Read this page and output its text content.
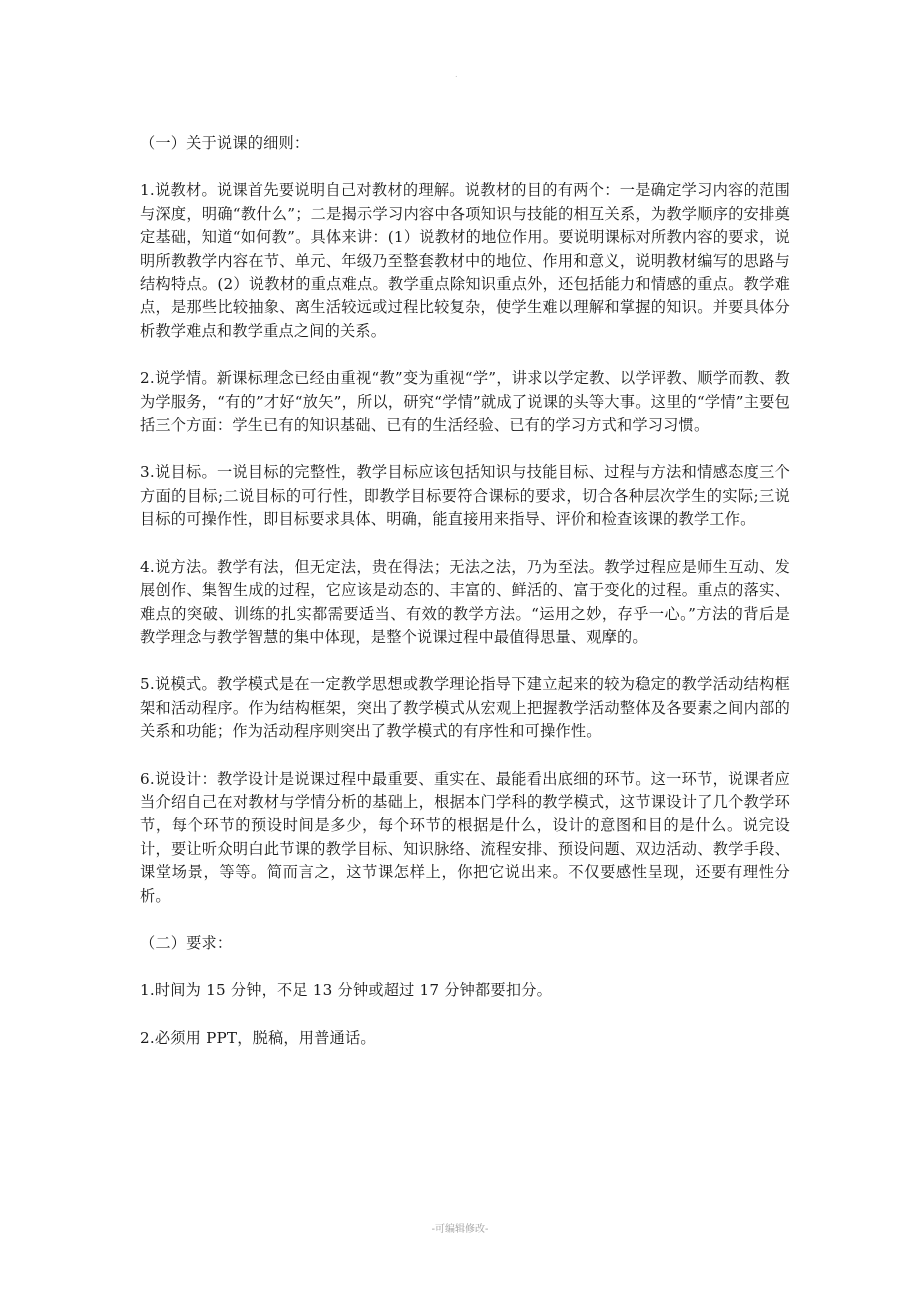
.

（一）关于说课的细则：

1.说教材。说课首先要说明自己对教材的理解。说教材的目的有两个：一是确定学习内容的范围与深度，明确“教什么”；二是揭示学习内容中各项知识与技能的相互关系，为教学顺序的安排奠定基础，知道“如何教”。具体来讲：(1）说教材的地位作用。要说明课标对所教内容的要求，说明所教教学内容在节、单元、年级乃至整套教材中的地位、作用和意义，说明教材编写的思路与结构特点。(2）说教材的重点难点。教学重点除知识重点外，还包括能力和情感的重点。教学难点，是那些比较抽象、离生活较远或过程比较复杂，使学生难以理解和掌握的知识。并要具体分析教学难点和教学重点之间的关系。

2.说学情。新课标理念已经由重视“教”变为重视“学”，讲求以学定教、以学评教、顺学而教、教为学服务，“有的”才好“放矢”，所以，研究“学情”就成了说课的头等大事。这里的“学情”主要包括三个方面：学生已有的知识基础、已有的生活经验、已有的学习方式和学习习惯。

3.说目标。一说目标的完整性，教学目标应该包括知识与技能目标、过程与方法和情感态度三个方面的目标;二说目标的可行性，即教学目标要符合课标的要求，切合各种层次学生的实际;三说目标的可操作性，即目标要求具体、明确，能直接用来指导、评价和检查该课的教学工作。

4.说方法。教学有法，但无定法，贵在得法；无法之法，乃为至法。教学过程应是师生互动、发展创作、集智生成的过程，它应该是动态的、丰富的、鲜活的、富于变化的过程。重点的落实、难点的突破、训练的扎实都需要适当、有效的教学方法。“运用之妙，存乎一心。”方法的背后是教学理念与教学智慧的集中体现，是整个说课过程中最值得思量、观摩的。

5.说模式。教学模式是在一定教学思想或教学理论指导下建立起来的较为稳定的教学活动结构框架和活动程序。作为结构框架，突出了教学模式从宏观上把握教学活动整体及各要素之间内部的关系和功能；作为活动程序则突出了教学模式的有序性和可操作性。

6.说设计：教学设计是说课过程中最重要、重实在、最能看出底细的环节。这一环节，说课者应当介绍自己在对教材与学情分析的基础上，根据本门学科的教学模式，这节课设计了几个教学环节，每个环节的预设时间是多少，每个环节的根据是什么，设计的意图和目的是什么。说完设计，要让听众明白此节课的教学目标、知识脉络、流程安排、预设问题、双边活动、教学手段、课堂场景，等等。简而言之，这节课怎样上，你把它说出来。不仅要感性呈现，还要有理性分析。

（二）要求：

1.时间为 15 分钟，不足 13 分钟或超过 17 分钟都要扣分。

2.必须用 PPT，脱稿，用普通话。

-可编辑修改-
